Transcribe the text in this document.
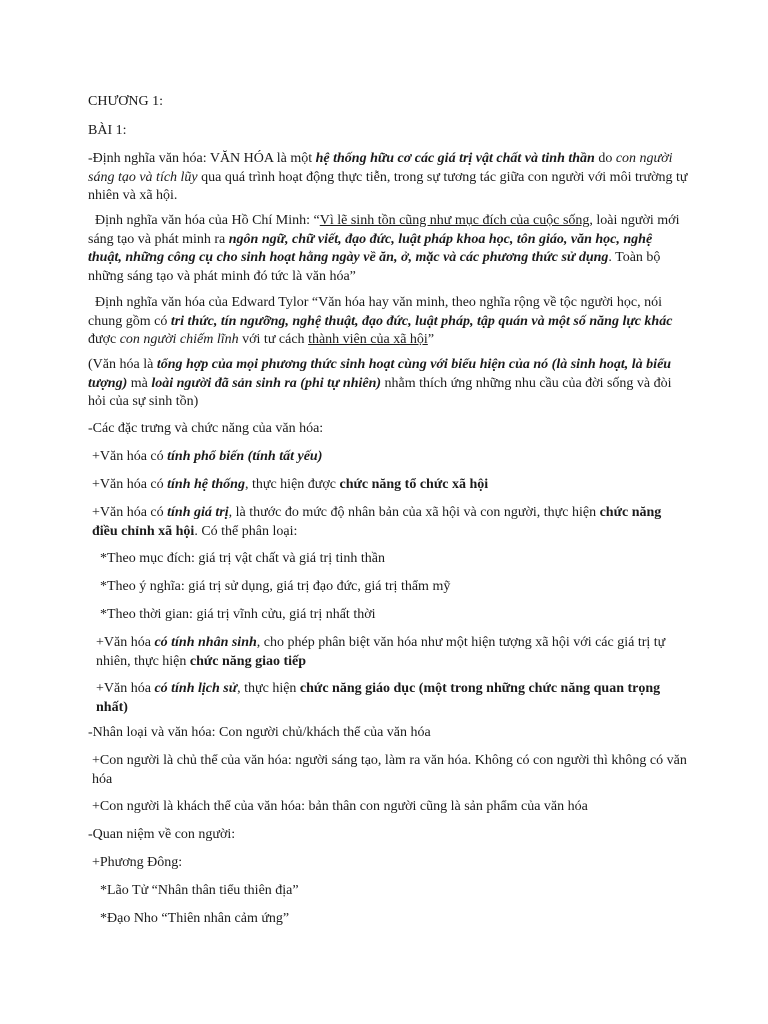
CHƯƠNG 1:

BÀI 1:

-Định nghĩa văn hóa: VĂN HÓA là một hệ thống hữu cơ các giá trị vật chất và tinh thần do con người sáng tạo và tích lũy qua quá trình hoạt động thực tiễn, trong sự tương tác giữa con người với môi trường tự nhiên và xã hội.

Định nghĩa văn hóa của Hồ Chí Minh: “Vì lẽ sinh tồn cũng như mục đích của cuộc sống, loài người mới sáng tạo và phát minh ra ngôn ngữ, chữ viết, đạo đức, luật pháp khoa học, tôn giáo, văn học, nghệ thuật, những công cụ cho sinh hoạt hằng ngày về ăn, ở, mặc và các phương thức sử dụng. Toàn bộ những sáng tạo và phát minh đó tức là văn hóa”

Định nghĩa văn hóa của Edward Tylor “Văn hóa hay văn minh, theo nghĩa rộng về tộc người học, nói chung gồm có tri thức, tín ngưỡng, nghệ thuật, đạo đức, luật pháp, tập quán và một số năng lực khác được con người chiếm lĩnh với tư cách thành viên của xã hội”

(Văn hóa là tổng hợp của mọi phương thức sinh hoạt cùng với biểu hiện của nó (là sinh hoạt, là biểu tượng) mà loài người đã sản sinh ra (phi tự nhiên) nhằm thích ứng những nhu cầu của đời sống và đòi hỏi của sự sinh tồn)

-Các đặc trưng và chức năng của văn hóa:

+Văn hóa có tính phổ biến (tính tất yếu)

+Văn hóa có tính hệ thống, thực hiện được chức năng tổ chức xã hội

+Văn hóa có tính giá trị, là thước đo mức độ nhân bản của xã hội và con người, thực hiện chức năng điều chỉnh xã hội. Có thể phân loại:

*Theo mục đích: giá trị vật chất và giá trị tinh thần

*Theo ý nghĩa: giá trị sử dụng, giá trị đạo đức, giá trị thẩm mỹ

*Theo thời gian: giá trị vĩnh cửu, giá trị nhất thời

+Văn hóa có tính nhân sinh, cho phép phân biệt văn hóa như một hiện tượng xã hội với các giá trị tự nhiên, thực hiện chức năng giao tiếp

+Văn hóa có tính lịch sử, thực hiện chức năng giáo dục (một trong những chức năng quan trọng nhất)

-Nhân loại và văn hóa: Con người chủ/khách thể của văn hóa

+Con người là chủ thể của văn hóa: người sáng tạo, làm ra văn hóa. Không có con người thì không có văn hóa

+Con người là khách thể của văn hóa: bản thân con người cũng là sản phẩm của văn hóa

-Quan niệm về con người:

+Phương Đông:

*Lão Tử “Nhân thân tiểu thiên địa”

*Đạo Nho “Thiên nhân cảm ứng”
